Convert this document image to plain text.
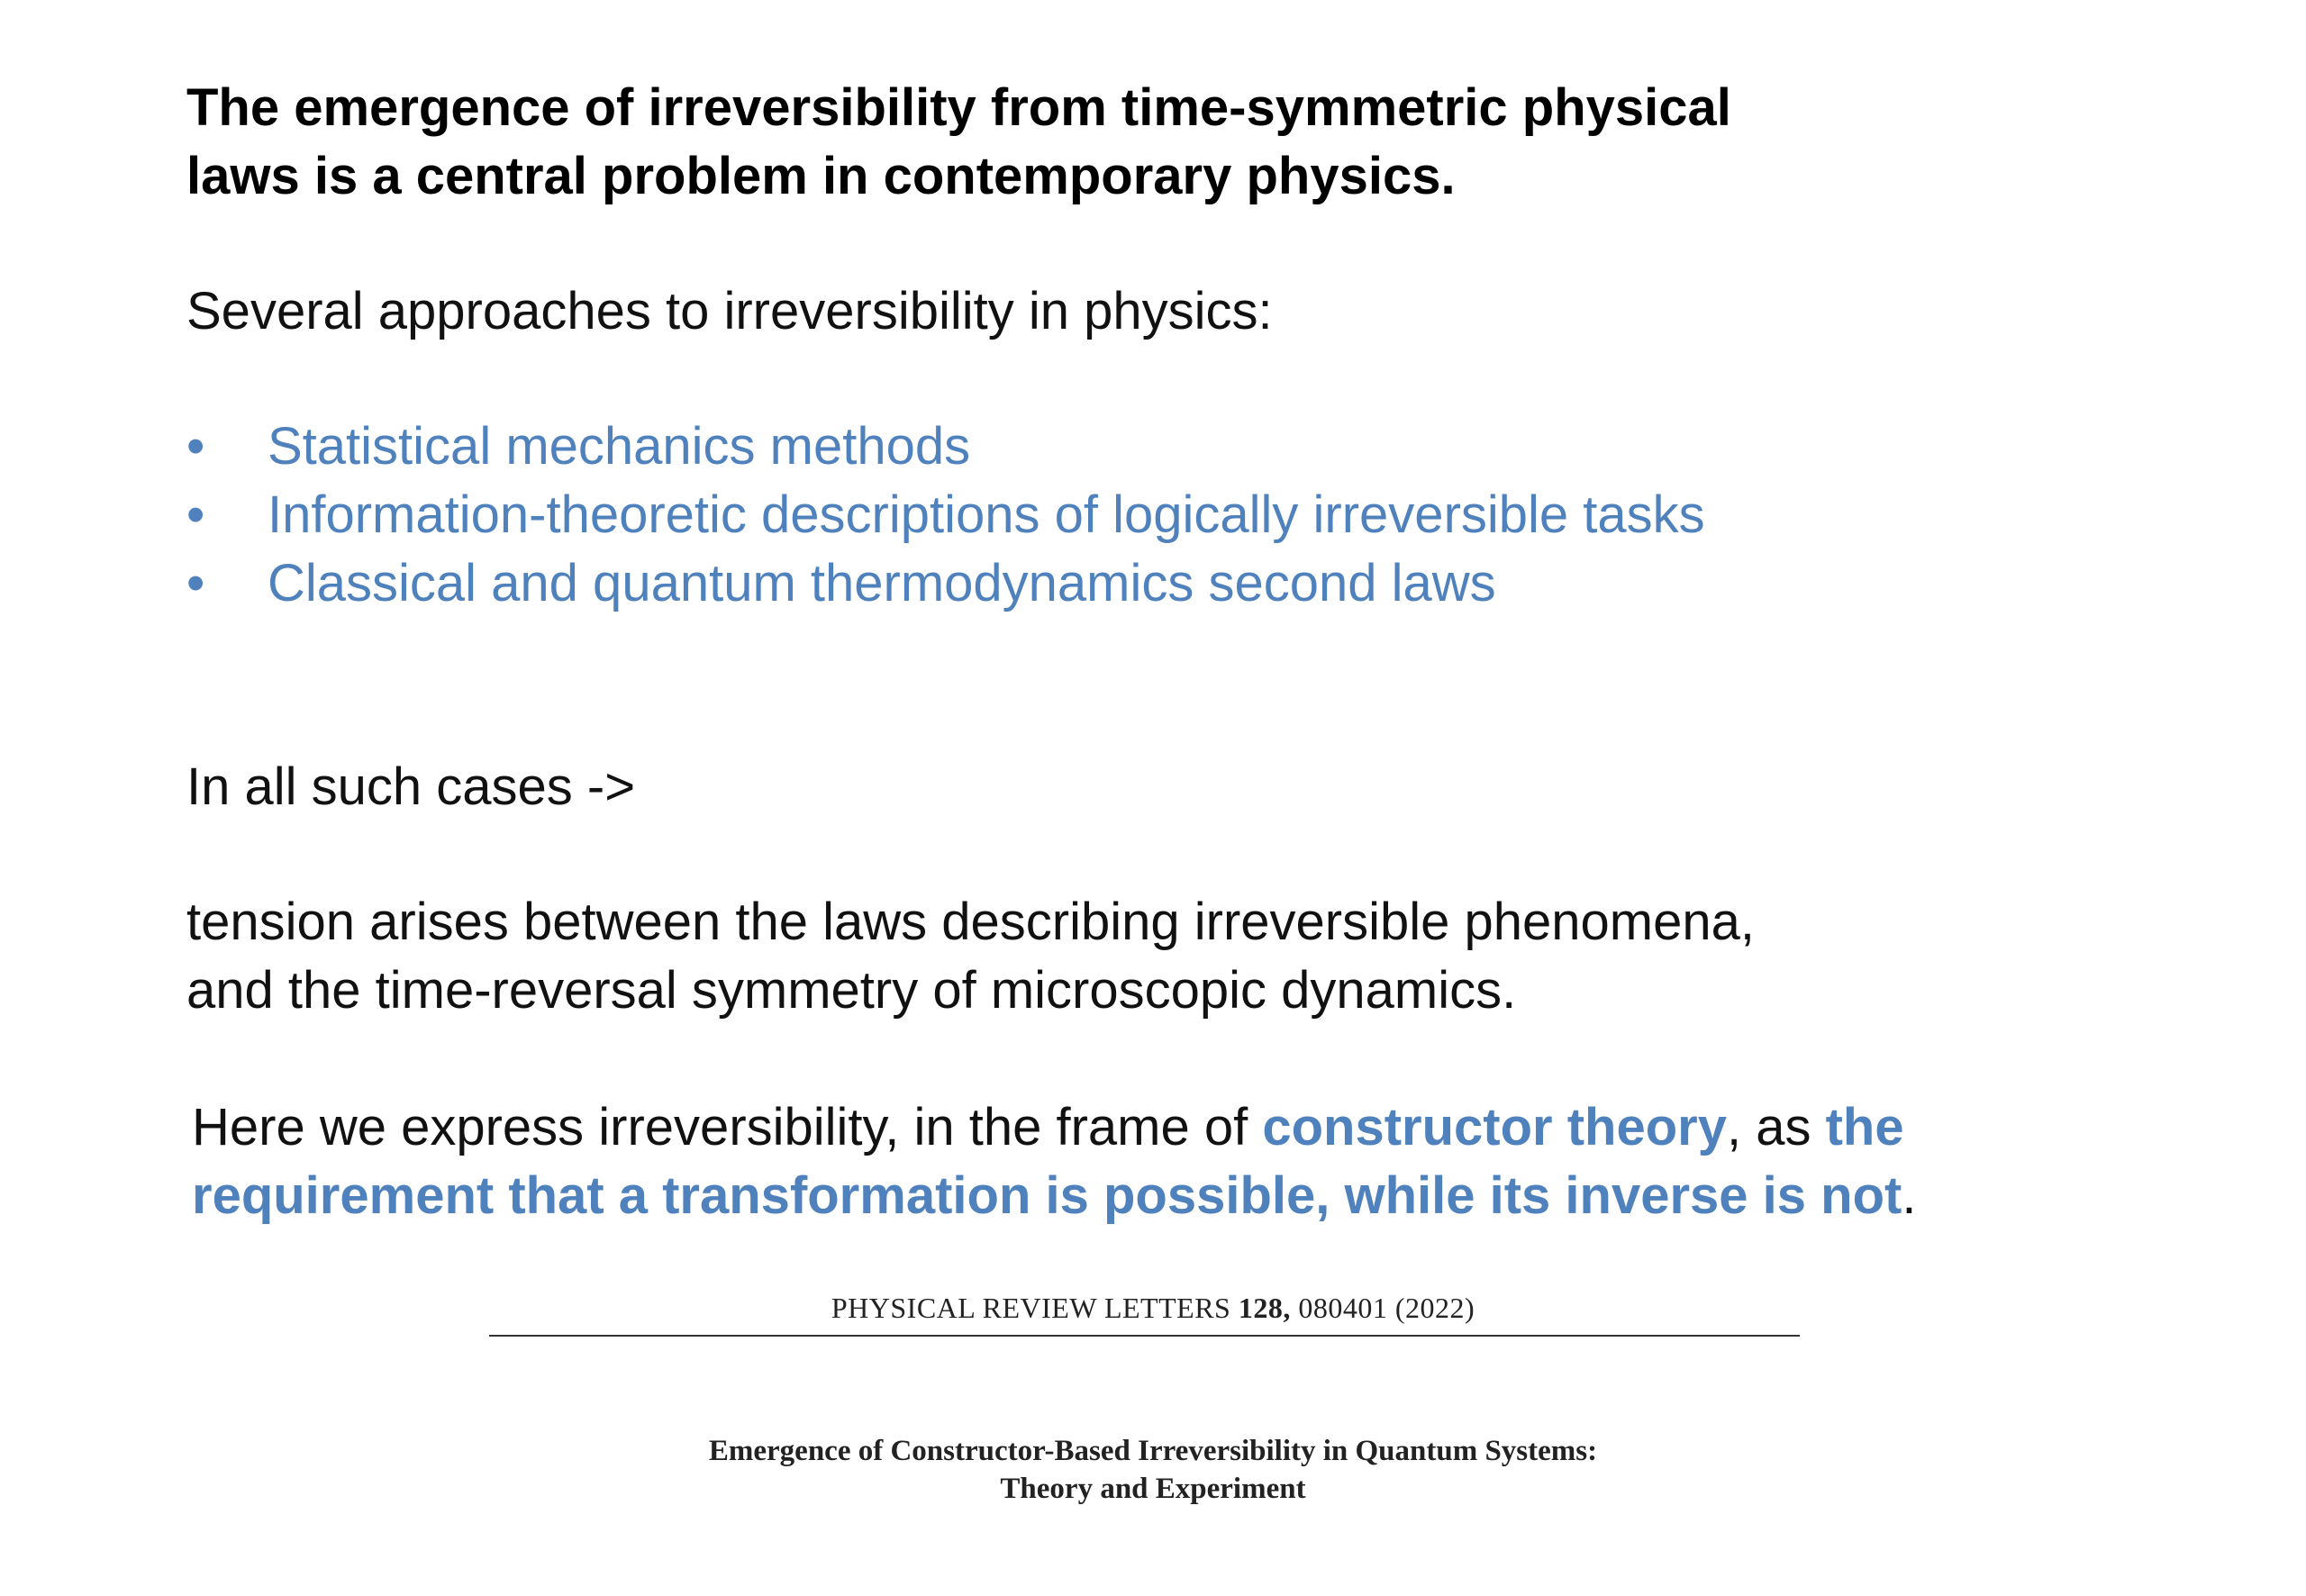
The emergence of irreversibility from time-symmetric physical
laws is a central problem in contemporary physics.
Several approaches to irreversibility in physics:
•	Statistical mechanics methods
•	Information-theoretic descriptions of logically irreversible tasks
•	Classical and quantum thermodynamics second laws
In all such cases ->
tension arises between the laws describing irreversible phenomena,
and the time-reversal symmetry of microscopic dynamics.
Here we express irreversibility, in the frame of constructor theory, as the
requirement that a transformation is possible, while its inverse is not.
PHYSICAL REVIEW LETTERS 128, 080401 (2022)
Emergence of Constructor-Based Irreversibility in Quantum Systems:
Theory and Experiment
